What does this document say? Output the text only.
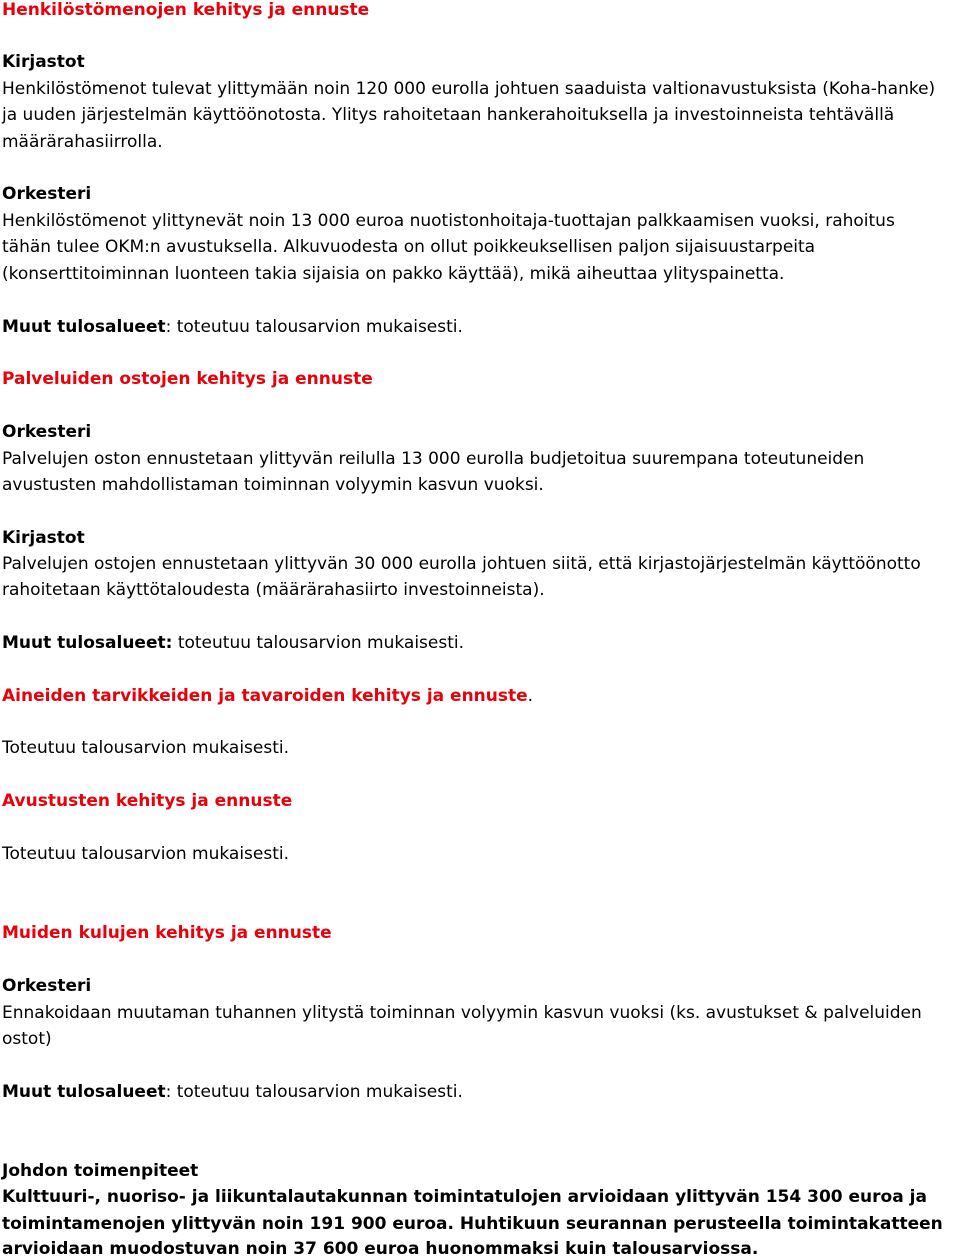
Henkilöstömenojen kehitys ja ennuste
Kirjastot
Henkilöstömenot tulevat ylittymään noin 120 000 eurolla johtuen saaduista valtionavustuksista (Koha-hanke)
ja uuden järjestelmän käyttöönotosta. Ylitys rahoitetaan hankerahoituksella ja investoinneista tehtävällä
määrärahasiirrolla.
Orkesteri
Henkilöstömenot ylittynevät noin 13 000 euroa nuotistonhoitaja-tuottajan palkkaamisen vuoksi, rahoitus
tähän tulee OKM:n avustuksella. Alkuvuodesta on ollut poikkeuksellisen paljon sijaisuustarpeita
(konserttitoiminnan luonteen takia sijaisia on pakko käyttää), mikä aiheuttaa ylityspainetta.
Muut tulosalueet: toteutuu talousarvion mukaisesti.
Palveluiden ostojen kehitys ja ennuste
Orkesteri
Palvelujen oston ennustetaan ylittyvän reilulla 13 000 eurolla budjetoitua suurempana toteutuneiden
avustusten mahdollistaman toiminnan volyymin kasvun vuoksi.
Kirjastot
Palvelujen ostojen ennustetaan ylittyvän 30 000 eurolla johtuen siitä, että kirjastojärjestelmän käyttöönotto
rahoitetaan käyttötaloudesta (määrärahasiirto investoinneista).
Muut tulosalueet: toteutuu talousarvion mukaisesti.
Aineiden tarvikkeiden ja tavaroiden kehitys ja ennuste.
Toteutuu talousarvion mukaisesti.
Avustusten kehitys ja ennuste
Toteutuu talousarvion mukaisesti.
Muiden kulujen kehitys ja ennuste
Orkesteri
Ennakoidaan muutaman tuhannen ylitystä toiminnan volyymin kasvun vuoksi (ks. avustukset & palveluiden
ostot)
Muut tulosalueet: toteutuu talousarvion mukaisesti.
Johdon toimenpiteet
Kulttuuri-, nuoriso- ja liikuntalautakunnan toimintatulojen arvioidaan ylittyvän 154 300 euroa ja
toimintamenojen ylittyvän noin 191 900 euroa. Huhtikuun seurannan perusteella toimintakatteen
arvioidaan muodostuvan noin 37 600 euroa huonommaksi kuin talousarviossa.
